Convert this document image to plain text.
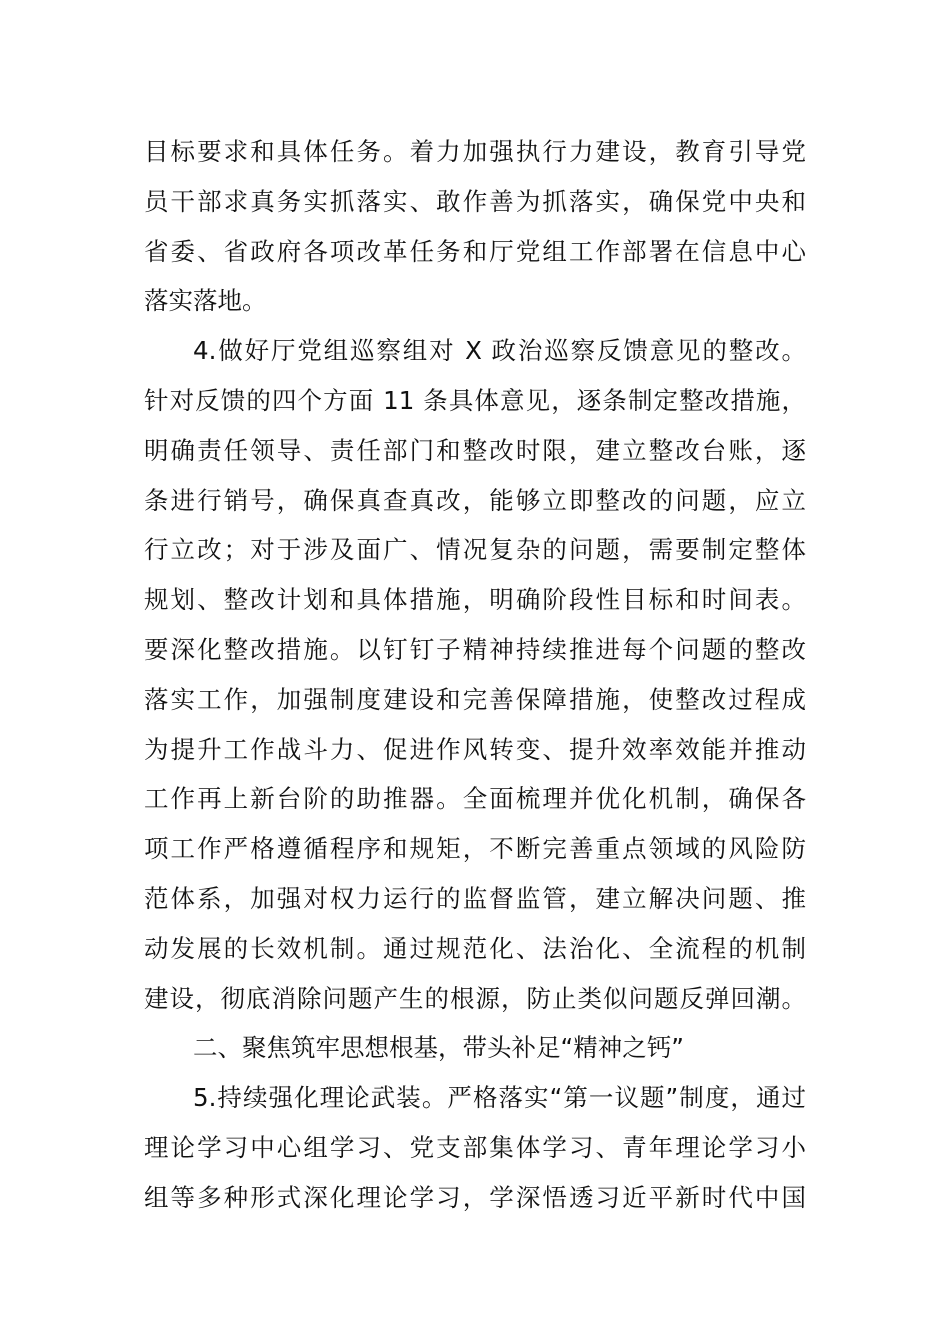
目标要求和具体任务。着力加强执行力建设，教育引导党
员干部求真务实抓落实、敢作善为抓落实，确保党中央和
省委、省政府各项改革任务和厅党组工作部署在信息中心
落实落地。
4.做好厅党组巡察组对 X 政治巡察反馈意见的整改。
针对反馈的四个方面 11 条具体意见，逐条制定整改措施，
明确责任领导、责任部门和整改时限，建立整改台账，逐
条进行销号，确保真查真改，能够立即整改的问题，应立
行立改；对于涉及面广、情况复杂的问题，需要制定整体
规划、整改计划和具体措施，明确阶段性目标和时间表。
要深化整改措施。以钉钉子精神持续推进每个问题的整改
落实工作，加强制度建设和完善保障措施，使整改过程成
为提升工作战斗力、促进作风转变、提升效率效能并推动
工作再上新台阶的助推器。全面梳理并优化机制，确保各
项工作严格遵循程序和规矩，不断完善重点领域的风险防
范体系，加强对权力运行的监督监管，建立解决问题、推
动发展的长效机制。通过规范化、法治化、全流程的机制
建设，彻底消除问题产生的根源，防止类似问题反弹回潮。
二、聚焦筑牢思想根基，带头补足“精神之钙”
5.持续强化理论武装。严格落实“第一议题”制度，通过
理论学习中心组学习、党支部集体学习、青年理论学习小
组等多种形式深化理论学习，学深悟透习近平新时代中国
